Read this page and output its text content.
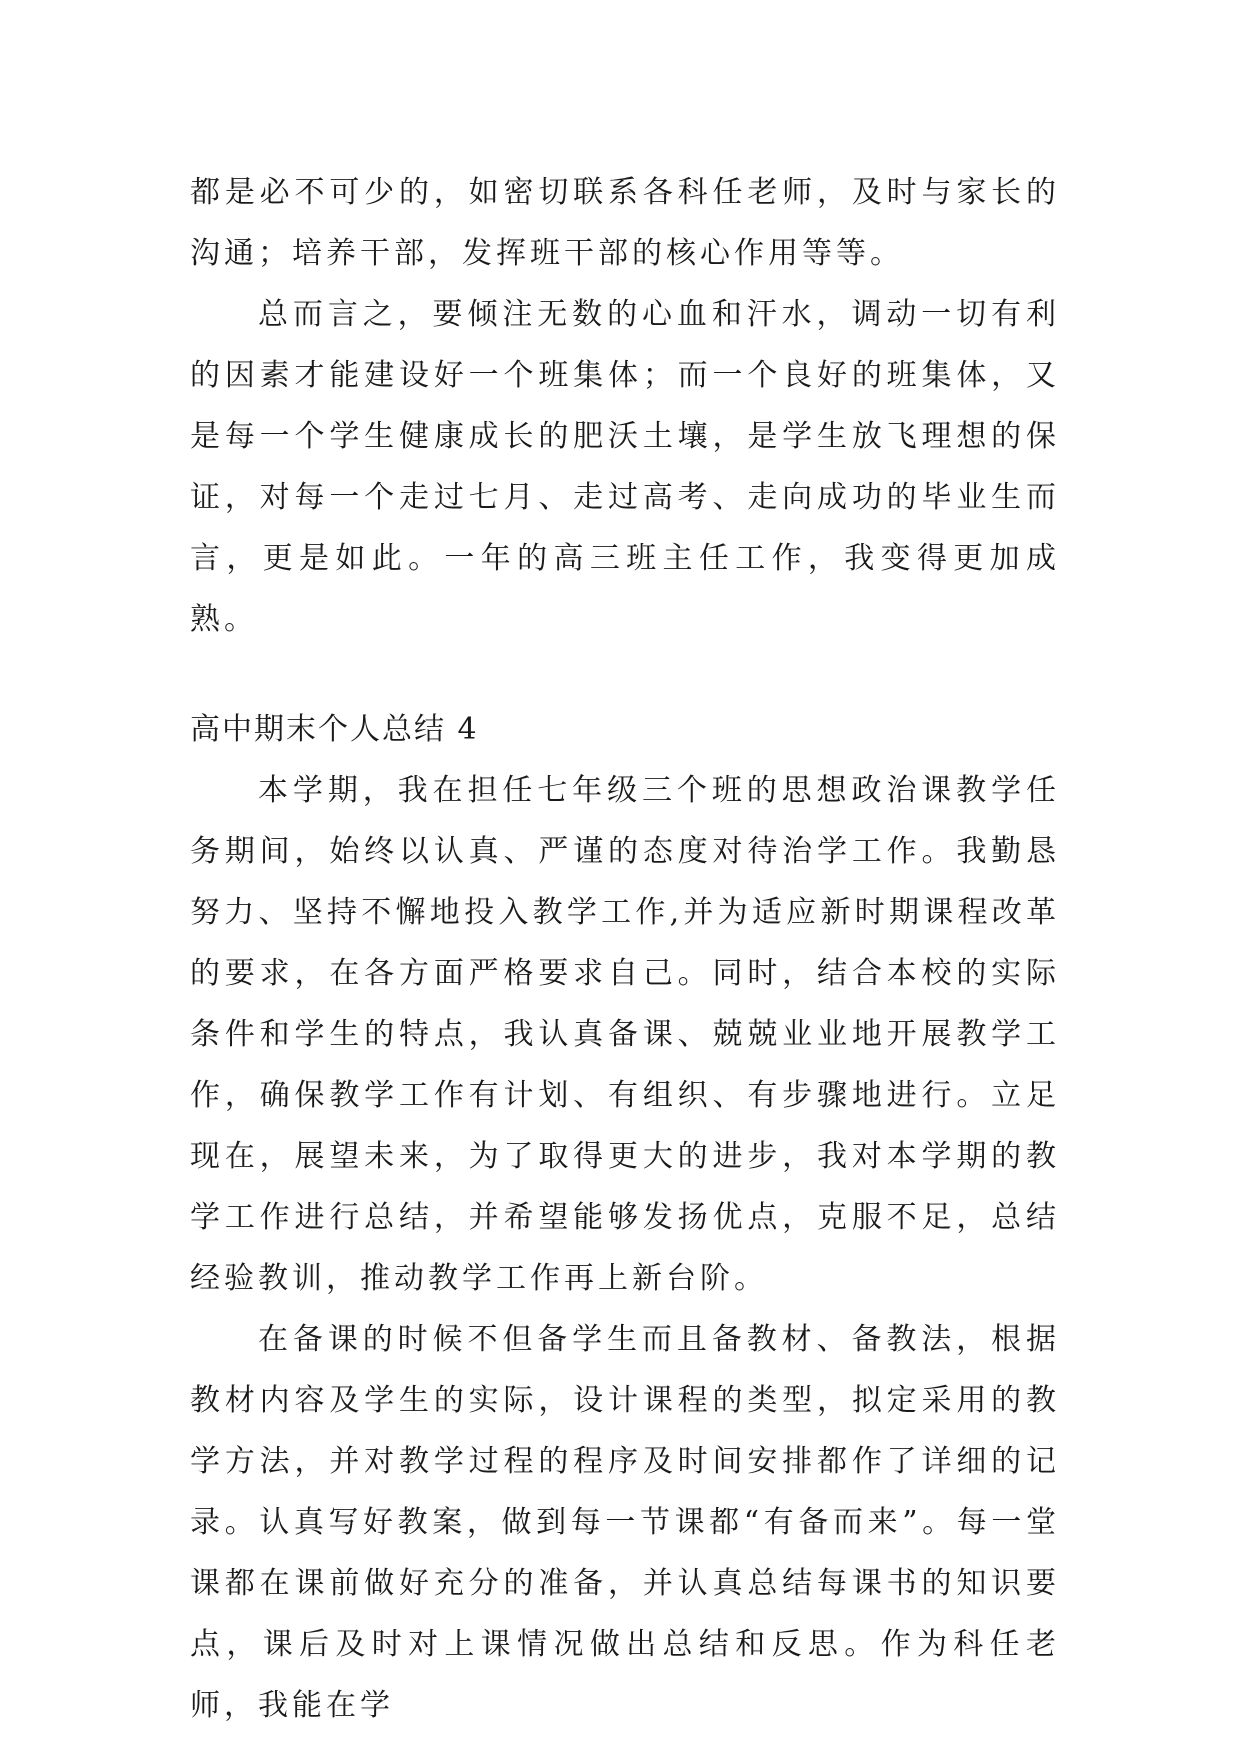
都是必不可少的，如密切联系各科任老师，及时与家长的沟通；培养干部，发挥班干部的核心作用等等。

总而言之，要倾注无数的心血和汗水，调动一切有利的因素才能建设好一个班集体；而一个良好的班集体，又是每一个学生健康成长的肥沃土壤，是学生放飞理想的保证，对每一个走过七月、走过高考、走向成功的毕业生而言，更是如此。一年的高三班主任工作，我变得更加成熟。

高中期末个人总结 4

本学期，我在担任七年级三个班的思想政治课教学任务期间，始终以认真、严谨的态度对待治学工作。我勤恳努力、坚持不懈地投入教学工作,并为适应新时期课程改革的要求，在各方面严格要求自己。同时，结合本校的实际条件和学生的特点，我认真备课、兢兢业业地开展教学工作，确保教学工作有计划、有组织、有步骤地进行。立足现在，展望未来，为了取得更大的进步，我对本学期的教学工作进行总结，并希望能够发扬优点，克服不足，总结经验教训，推动教学工作再上新台阶。

在备课的时候不但备学生而且备教材、备教法，根据教材内容及学生的实际，设计课程的类型，拟定采用的教学方法，并对教学过程的程序及时间安排都作了详细的记录。认真写好教案，做到每一节课都“有备而来”。每一堂课都在课前做好充分的准备，并认真总结每课书的知识要点，课后及时对上课情况做出总结和反思。作为科任老师，我能在学
